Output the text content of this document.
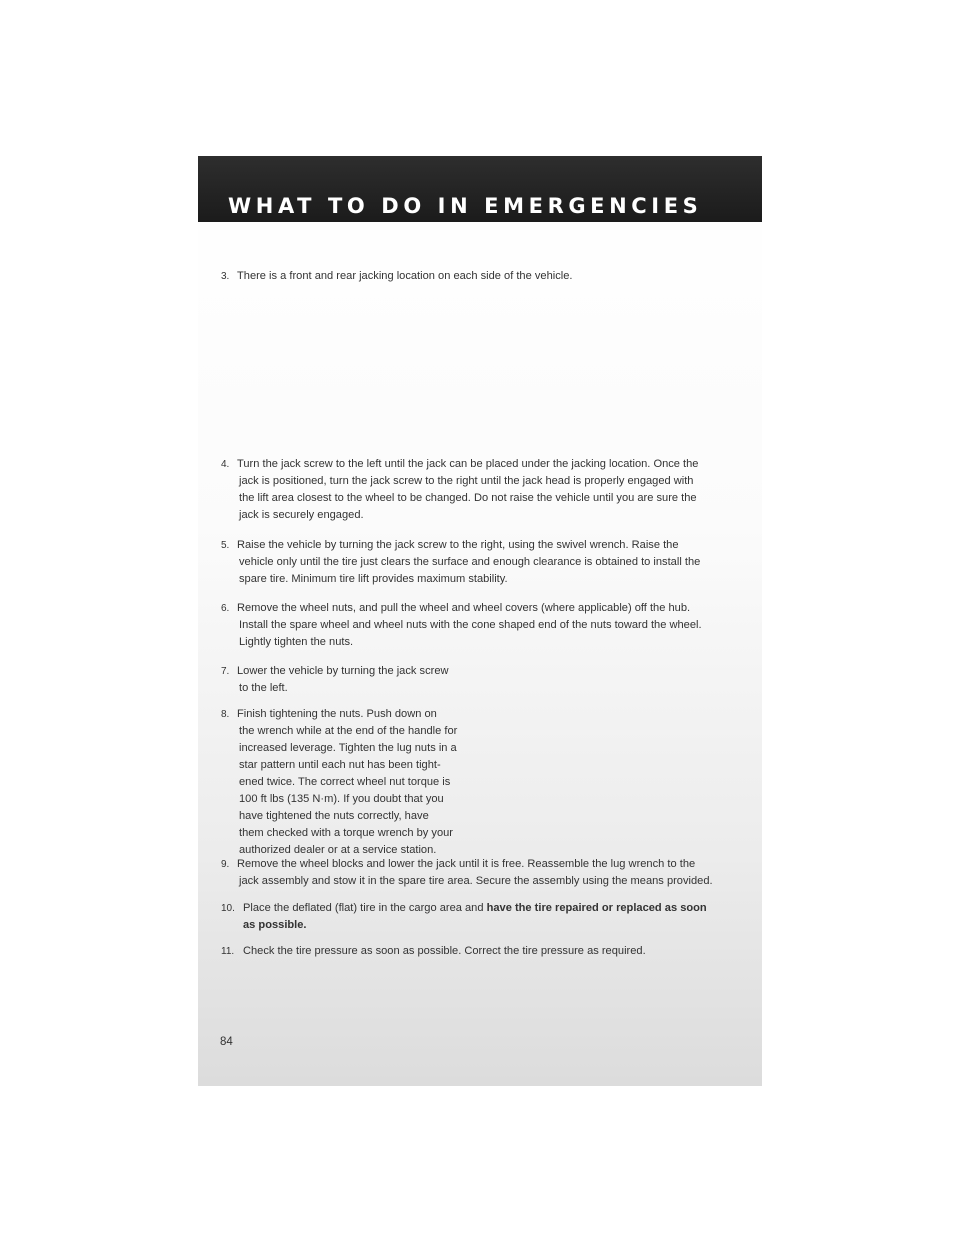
WHAT TO DO IN EMERGENCIES
3. There is a front and rear jacking location on each side of the vehicle.
4. Turn the jack screw to the left until the jack can be placed under the jacking location. Once the
jack is positioned, turn the jack screw to the right until the jack head is properly engaged with
the lift area closest to the wheel to be changed. Do not raise the vehicle until you are sure the
jack is securely engaged.
5. Raise the vehicle by turning the jack screw to the right, using the swivel wrench. Raise the
vehicle only until the tire just clears the surface and enough clearance is obtained to install the
spare tire. Minimum tire lift provides maximum stability.
6. Remove the wheel nuts, and pull the wheel and wheel covers (where applicable) off the hub.
Install the spare wheel and wheel nuts with the cone shaped end of the nuts toward the wheel.
Lightly tighten the nuts.
7. Lower the vehicle by turning the jack screw
to the left.
8. Finish tightening the nuts. Push down on
the wrench while at the end of the handle for
increased leverage. Tighten the lug nuts in a
star pattern until each nut has been tight-
ened twice. The correct wheel nut torque is
100 ft lbs (135 N·m). If you doubt that you
have tightened the nuts correctly, have
them checked with a torque wrench by your
authorized dealer or at a service station.
9. Remove the wheel blocks and lower the jack until it is free. Reassemble the lug wrench to the
jack assembly and stow it in the spare tire area. Secure the assembly using the means provided.
10. Place the deflated (flat) tire in the cargo area and have the tire repaired or replaced as soon
as possible.
11. Check the tire pressure as soon as possible. Correct the tire pressure as required.
84
